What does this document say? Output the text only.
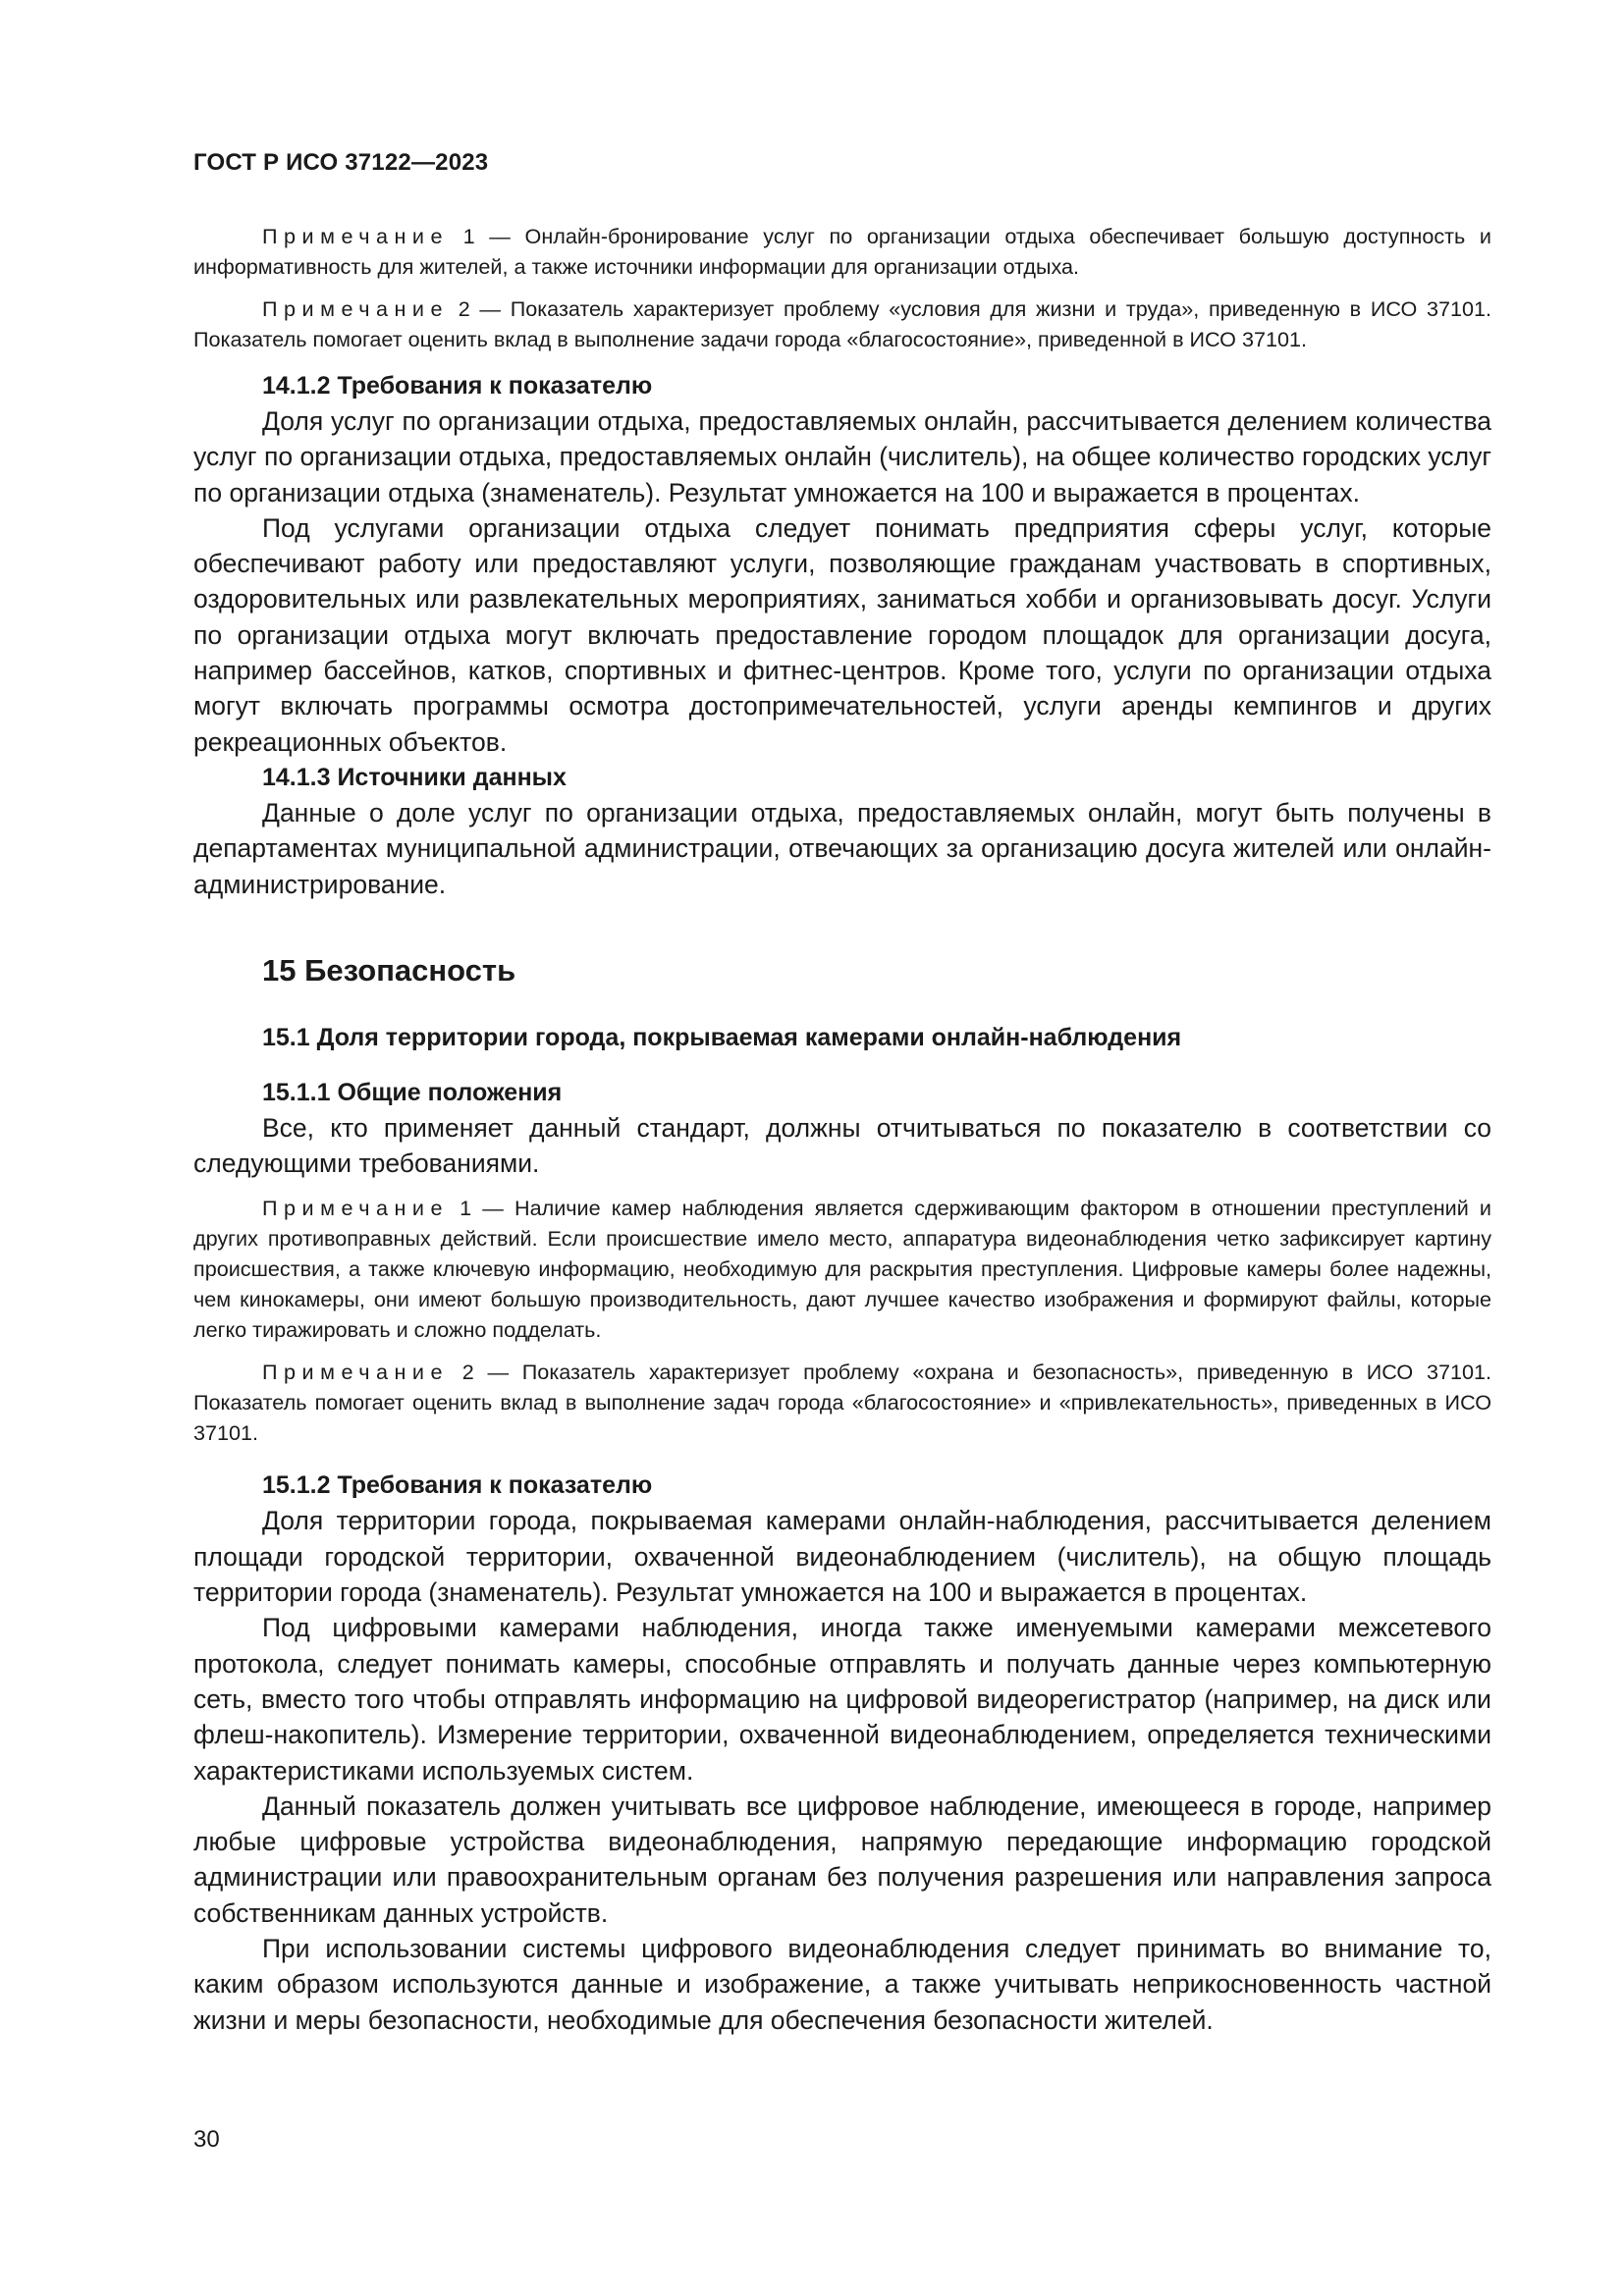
ГОСТ Р ИСО 37122—2023

Примечание 1 — Онлайн-бронирование услуг по организации отдыха обеспечивает большую доступность и информативность для жителей, а также источники информации для организации отдыха.

Примечание 2 — Показатель характеризует проблему «условия для жизни и труда», приведенную в ИСО 37101. Показатель помогает оценить вклад в выполнение задачи города «благосостояние», приведенной в ИСО 37101.

14.1.2 Требования к показателю

Доля услуг по организации отдыха, предоставляемых онлайн, рассчитывается делением количества услуг по организации отдыха, предоставляемых онлайн (числитель), на общее количество городских услуг по организации отдыха (знаменатель). Результат умножается на 100 и выражается в процентах.

Под услугами организации отдыха следует понимать предприятия сферы услуг, которые обеспечивают работу или предоставляют услуги, позволяющие гражданам участвовать в спортивных, оздоровительных или развлекательных мероприятиях, заниматься хобби и организовывать досуг. Услуги по организации отдыха могут включать предоставление городом площадок для организации досуга, например бассейнов, катков, спортивных и фитнес-центров. Кроме того, услуги по организации отдыха могут включать программы осмотра достопримечательностей, услуги аренды кемпингов и других рекреационных объектов.

14.1.3 Источники данных

Данные о доле услуг по организации отдыха, предоставляемых онлайн, могут быть получены в департаментах муниципальной администрации, отвечающих за организацию досуга жителей или онлайн-администрирование.

15 Безопасность
15.1 Доля территории города, покрываемая камерами онлайн-наблюдения
15.1.1 Общие положения

Все, кто применяет данный стандарт, должны отчитываться по показателю в соответствии со следующими требованиями.

Примечание 1 — Наличие камер наблюдения является сдерживающим фактором в отношении преступлений и других противоправных действий. Если происшествие имело место, аппаратура видеонаблюдения четко зафиксирует картину происшествия, а также ключевую информацию, необходимую для раскрытия преступления. Цифровые камеры более надежны, чем кинокамеры, они имеют большую производительность, дают лучшее качество изображения и формируют файлы, которые легко тиражировать и сложно подделать.

Примечание 2 — Показатель характеризует проблему «охрана и безопасность», приведенную в ИСО 37101. Показатель помогает оценить вклад в выполнение задач города «благосостояние» и «привлекательность», приведенных в ИСО 37101.

15.1.2 Требования к показателю

Доля территории города, покрываемая камерами онлайн-наблюдения, рассчитывается делением площади городской территории, охваченной видеонаблюдением (числитель), на общую площадь территории города (знаменатель). Результат умножается на 100 и выражается в процентах.

Под цифровыми камерами наблюдения, иногда также именуемыми камерами межсетевого протокола, следует понимать камеры, способные отправлять и получать данные через компьютерную сеть, вместо того чтобы отправлять информацию на цифровой видеорегистратор (например, на диск или флеш-накопитель). Измерение территории, охваченной видеонаблюдением, определяется техническими характеристиками используемых систем.

Данный показатель должен учитывать все цифровое наблюдение, имеющееся в городе, например любые цифровые устройства видеонаблюдения, напрямую передающие информацию городской администрации или правоохранительным органам без получения разрешения или направления запроса собственникам данных устройств.

При использовании системы цифрового видеонаблюдения следует принимать во внимание то, каким образом используются данные и изображение, а также учитывать неприкосновенность частной жизни и меры безопасности, необходимые для обеспечения безопасности жителей.

30
